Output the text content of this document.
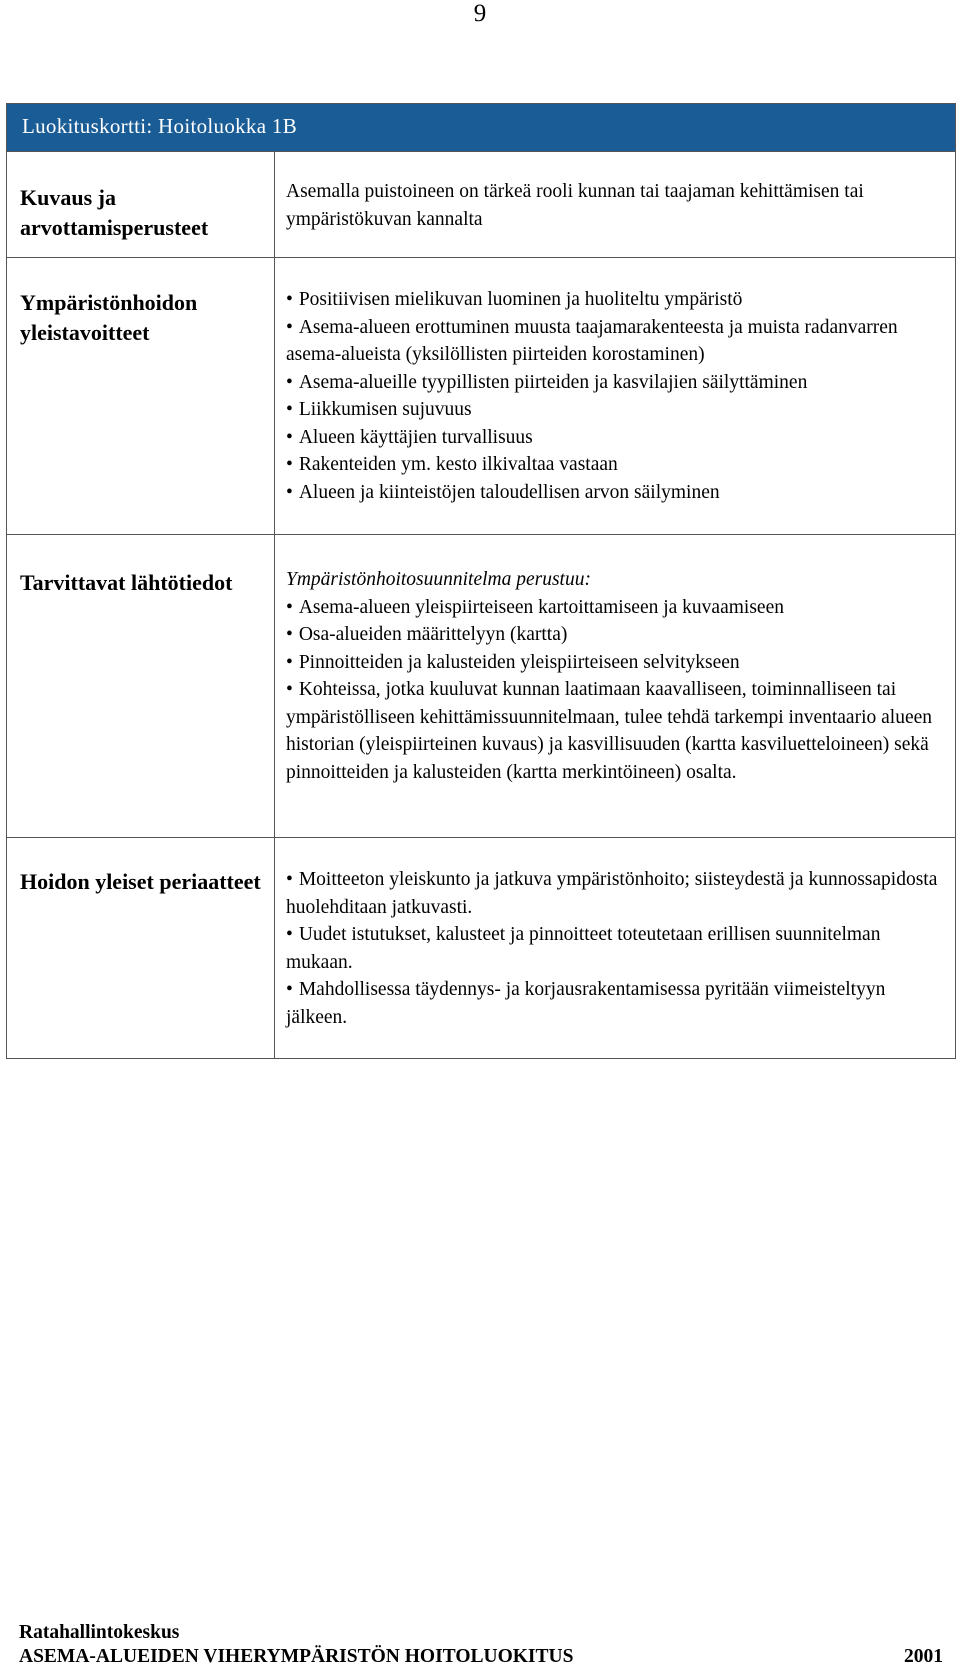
9
Luokituskortti: Hoitoluokka 1B
Kuvaus ja arvottamisperusteet

Asemalla puistoineen on tärkeä rooli kunnan tai taajaman kehittämisen tai ympäristökuvan kannalta

Ympäristönhoidon yleistavoitteet
• Positiivisen mielikuvan luominen ja huoliteltu ympäristö
• Asema-alueen erottuminen muusta taajamarakenteesta ja muista radanvarren asema-alueista (yksilöllisten piirteiden korostaminen)
• Asema-alueille tyypillisten piirteiden ja kasvilajien säilyttäminen
• Liikkumisen sujuvuus
• Alueen käyttäjien turvallisuus
• Rakenteiden ym. kesto ilkivaltaa vastaan
• Alueen ja kiinteistöjen taloudellisen arvon säilyminen
Tarvittavat lähtötiedot	Ympäristönhoitosuunnitelma perustuu:

• Asema-alueen yleispiirteiseen kartoittamiseen ja kuvaamiseen
• Osa-alueiden määrittelyyn (kartta)
• Pinnoitteiden ja kalusteiden yleispiirteiseen selvitykseen
• Kohteissa, jotka kuuluvat kunnan laatimaan kaavalliseen, toiminnalliseen tai ympäristölliseen kehittämissuunnitelmaan, tulee tehdä tarkempi inventaario alueen historian (yleispiirteinen kuvaus) ja kasvillisuuden (kartta kasviluetteloineen) sekä pinnoitteiden ja kalusteiden (kartta merkintöineen) osalta.
Hoidon yleiset periaatteet
•	Moitteeton yleiskunto ja jatkuva ympäristönhoito; siisteydestä ja kunnossapidosta huolehditaan jatkuvasti.
• Uudet istutukset, kalusteet ja pinnoitteet toteutetaan erillisen suunnitelman mukaan.
• Mahdollisessa täydennys- ja korjausrakentamisessa pyritään viimeisteltyyn jälkeen.
Ratahallintokeskus
ASEMA-ALUEIDEN VIHERYMPÄRISTÖN HOITOLUOKITUS	2001
